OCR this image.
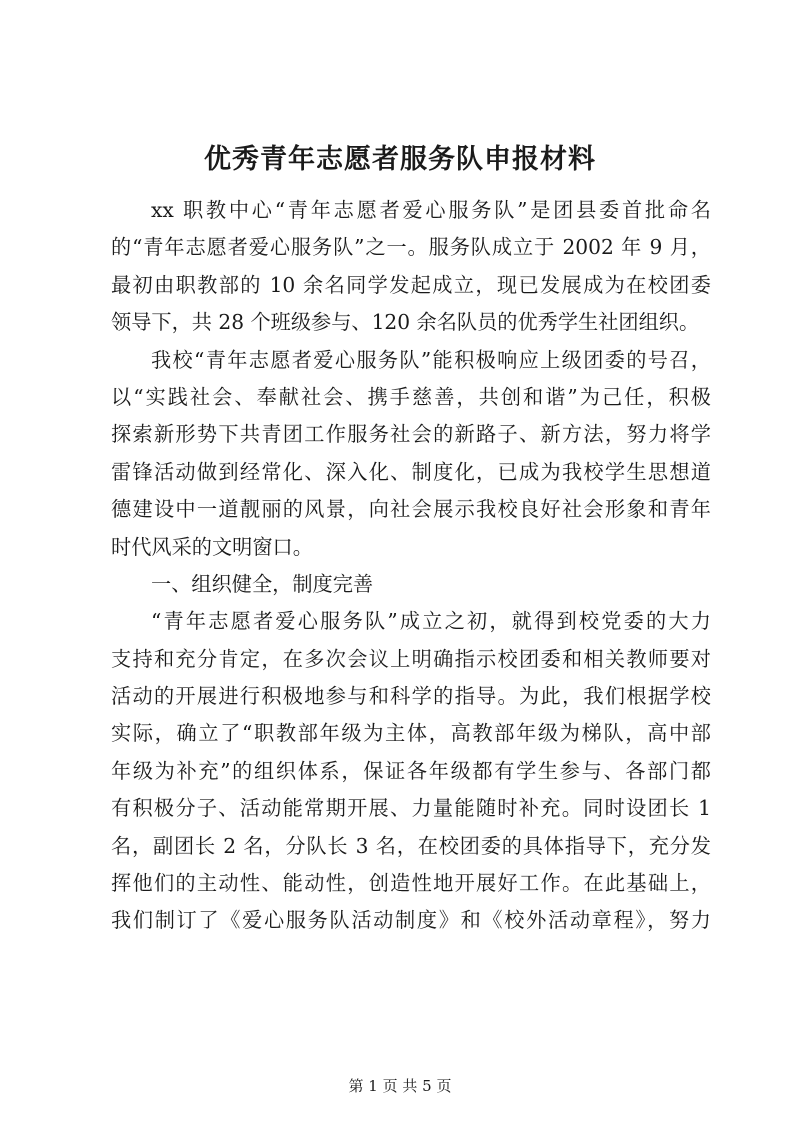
优秀青年志愿者服务队申报材料
xx 职教中心“青年志愿者爱心服务队”是团县委首批命名
的“青年志愿者爱心服务队”之一。服务队成立于 2002 年 9 月，
最初由职教部的 10 余名同学发起成立，现已发展成为在校团委
领导下，共 28 个班级参与、120 余名队员的优秀学生社团组织。
我校“青年志愿者爱心服务队”能积极响应上级团委的号召，
以“实践社会、奉献社会、携手慈善，共创和谐”为己任，积极
探索新形势下共青团工作服务社会的新路子、新方法，努力将学
雷锋活动做到经常化、深入化、制度化，已成为我校学生思想道
德建设中一道靓丽的风景，向社会展示我校良好社会形象和青年
时代风采的文明窗口。
一、组织健全，制度完善
“青年志愿者爱心服务队”成立之初，就得到校党委的大力
支持和充分肯定，在多次会议上明确指示校团委和相关教师要对
活动的开展进行积极地参与和科学的指导。为此，我们根据学校
实际，确立了“职教部年级为主体，高教部年级为梯队，高中部
年级为补充”的组织体系，保证各年级都有学生参与、各部门都
有积极分子、活动能常期开展、力量能随时补充。同时设团长 1
名，副团长 2 名，分队长 3 名，在校团委的具体指导下，充分发
挥他们的主动性、能动性，创造性地开展好工作。在此基础上，
我们制订了《爱心服务队活动制度》和《校外活动章程》，努力
第 1 页 共 5 页
